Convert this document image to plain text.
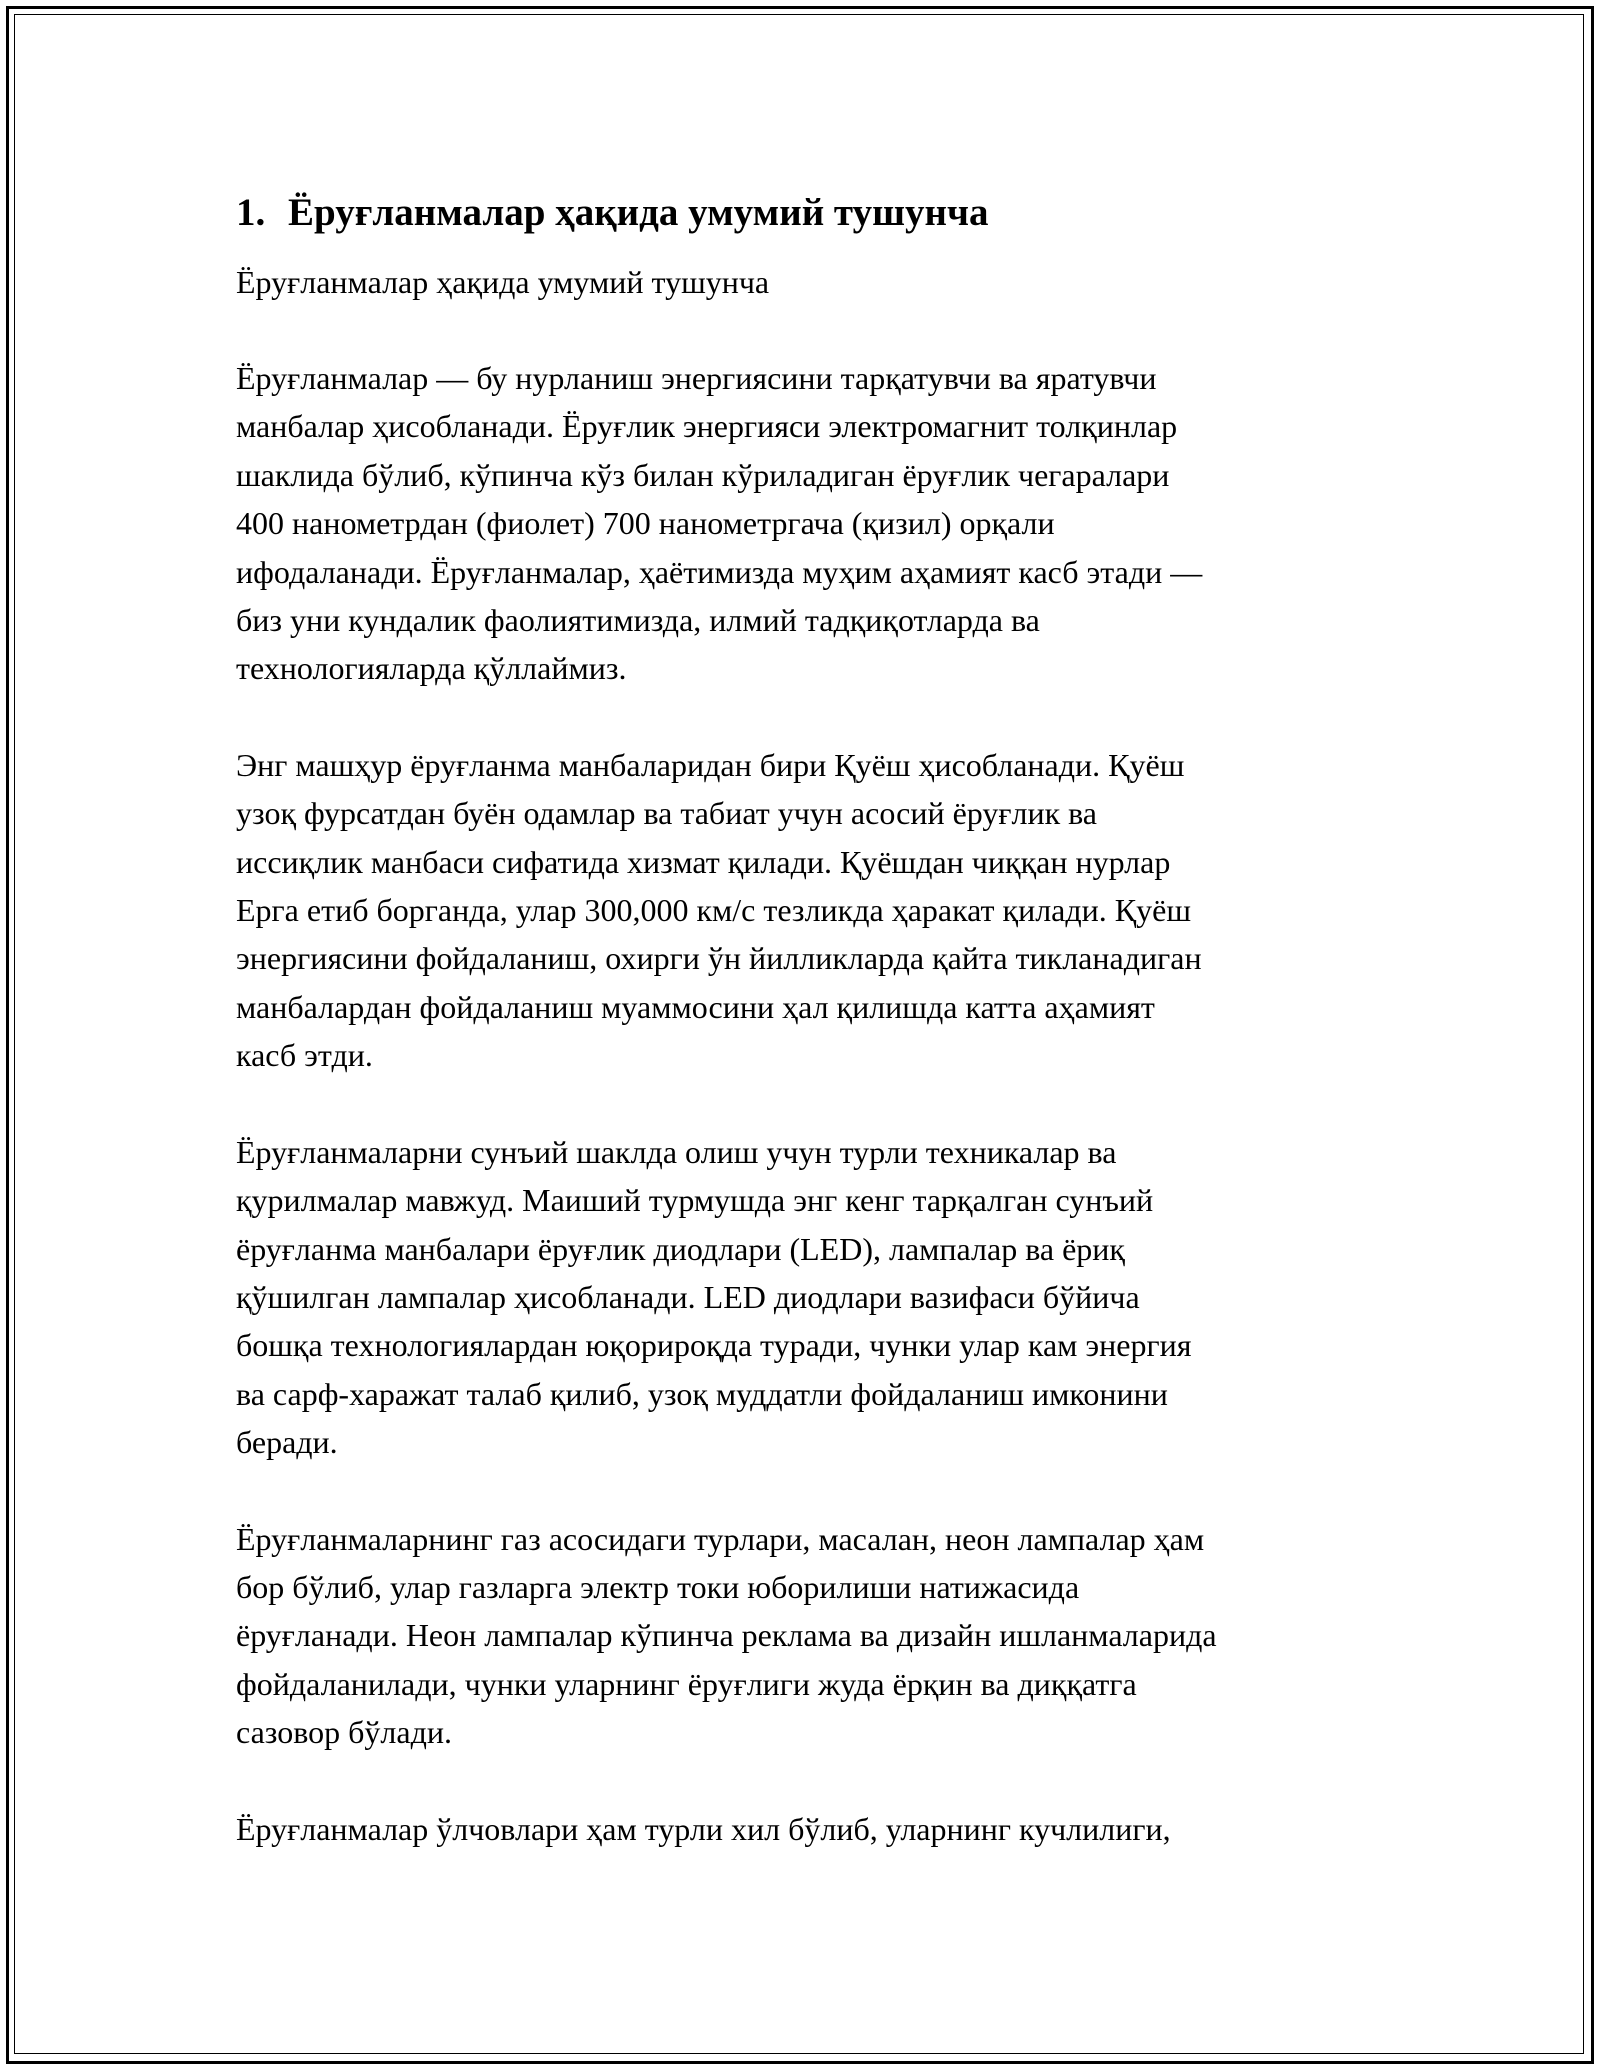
1. Ёруғланмалар ҳақида умумий тушунча
Ёруғланмалар ҳақида умумий тушунча

Ёруғланмалар — бу нурланиш энергиясини тарқатувчи ва яратувчи
манбалар ҳисобланади. Ёруғлик энергияси электромагнит толқинлар
шаклида бўлиб, кўпинча кўз билан кўриладиган ёруғлик чегаралари
400 нанометрдан (фиолет) 700 нанометргача (қизил) орқали
ифодаланади. Ёруғланмалар, ҳаётимизда муҳим аҳамият касб этади —
биз уни кундалик фаолиятимизда, илмий тадқиқотларда ва
технологияларда қўллаймиз.

Энг машҳур ёруғланма манбаларидан бири Қуёш ҳисобланади. Қуёш
узоқ фурсатдан буён одамлар ва табиат учун асосий ёруғлик ва
иссиқлик манбаси сифатида хизмат қилади. Қуёшдан чиққан нурлар
Ерга етиб борганда, улар 300,000 км/с тезликда ҳаракат қилади. Қуёш
энергиясини фойдаланиш, охирги ўн йилликларда қайта тикланадиган
манбалардан фойдаланиш муаммосини ҳал қилишда катта аҳамият
касб этди.

Ёруғланмаларни сунъий шаклда олиш учун турли техникалар ва
қурилмалар мавжуд. Маиший турмушда энг кенг тарқалган сунъий
ёруғланма манбалари ёруғлик диодлари (LED), лампалар ва ёриқ
қўшилган лампалар ҳисобланади. LED диодлари вазифаси бўйича
бошқа технологиялардан юқорироқда туради, чунки улар кам энергия
ва сарф-харажат талаб қилиб, узоқ муддатли фойдаланиш имконини
беради.

Ёруғланмаларнинг газ асосидаги турлари, масалан, неон лампалар ҳам
бор бўлиб, улар газларга электр токи юборилиши натижасида
ёруғланади. Неон лампалар кўпинча реклама ва дизайн ишланмаларида
фойдаланилади, чунки уларнинг ёруғлиги жуда ёрқин ва диққатга
сазовор бўлади.

Ёруғланмалар ўлчовлари ҳам турли хил бўлиб, уларнинг кучлилиги,
